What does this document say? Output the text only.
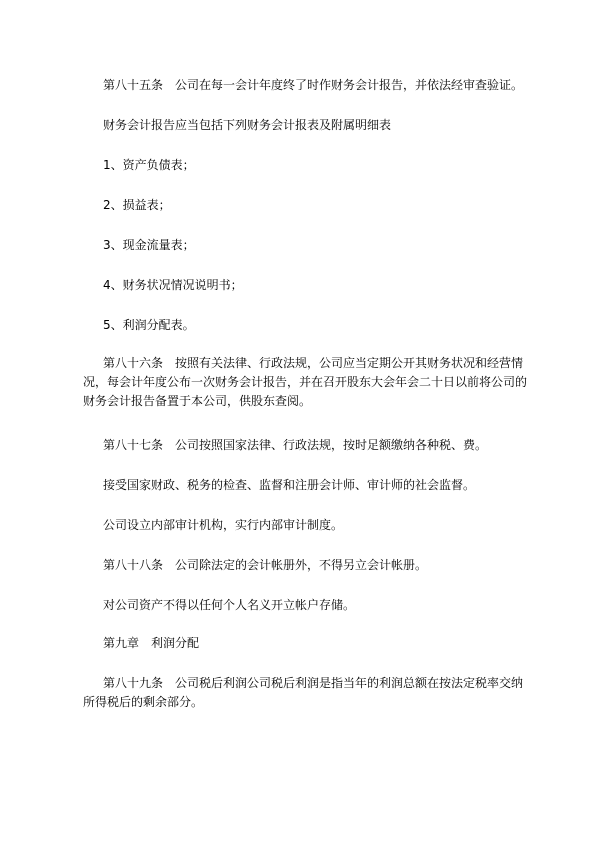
第八十五条　公司在每一会计年度终了时作财务会计报告，并依法经审查验证。

财务会计报告应当包括下列财务会计报表及附属明细表

1、资产负债表；

2、损益表；

3、现金流量表；

4、财务状况情况说明书；

5、利润分配表。

第八十六条　按照有关法律、行政法规，公司应当定期公开其财务状况和经营情
况，每会计年度公布一次财务会计报告，并在召开股东大会年会二十日以前将公司的
财务会计报告备置于本公司，供股东查阅。

第八十七条　公司按照国家法律、行政法规，按时足额缴纳各种税、费。

接受国家财政、税务的检查、监督和注册会计师、审计师的社会监督。

公司设立内部审计机构，实行内部审计制度。

第八十八条　公司除法定的会计帐册外，不得另立会计帐册。

对公司资产不得以任何个人名义开立帐户存储。

第九章　利润分配

第八十九条　公司税后利润公司税后利润是指当年的利润总额在按法定税率交纳
所得税后的剩余部分。
